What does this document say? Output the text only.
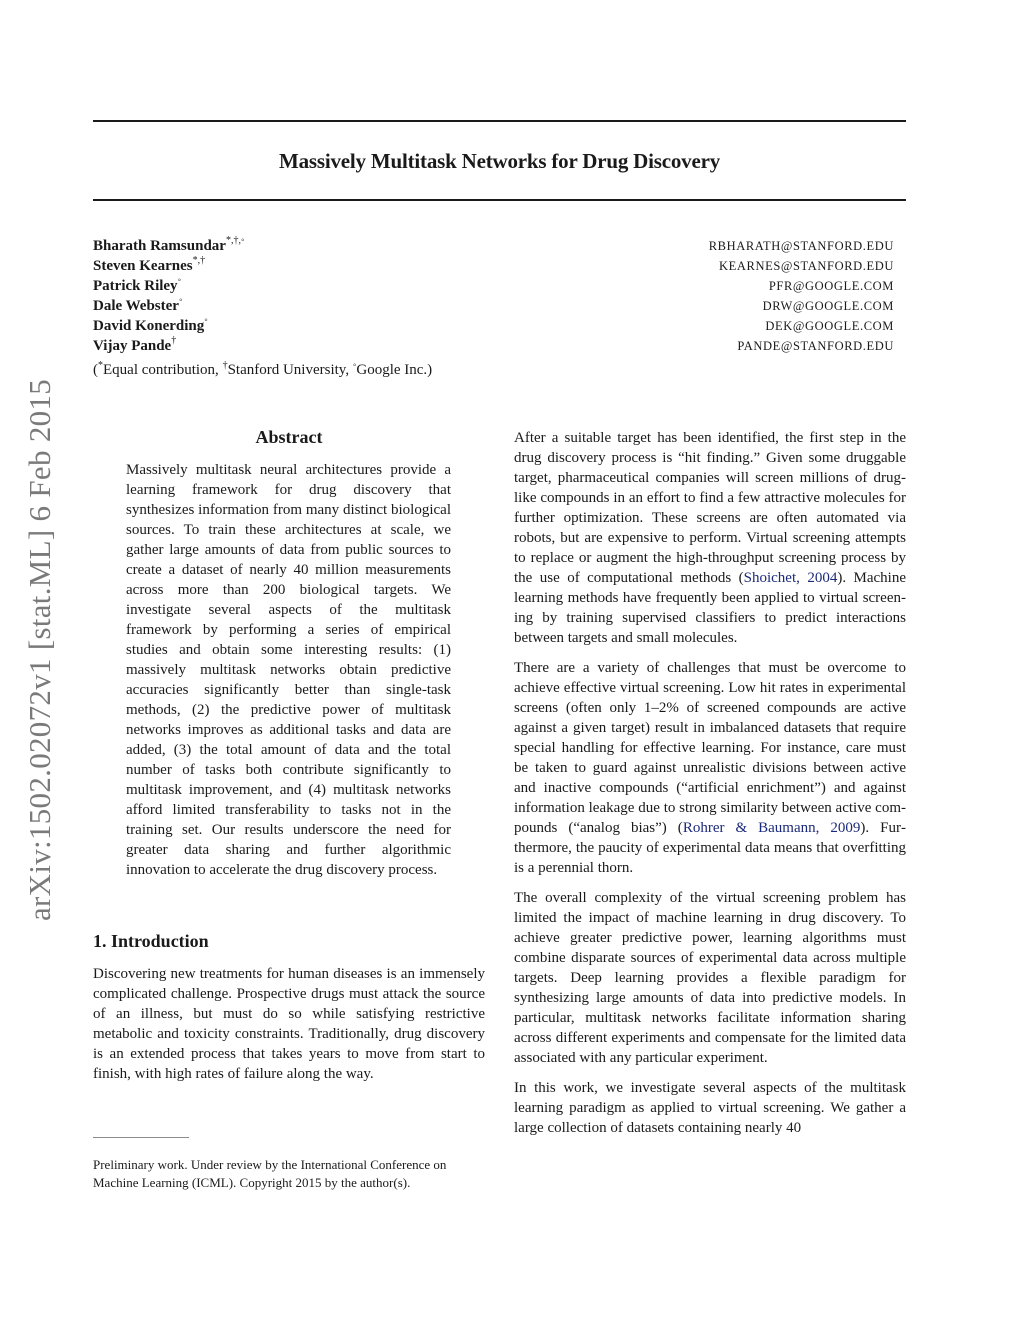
arXiv:1502.02072v1 [stat.ML] 6 Feb 2015
Massively Multitask Networks for Drug Discovery
Bharath Ramsundar*,†,◦
Steven Kearnes*,†
Patrick Riley◦
Dale Webster◦
David Konerding◦
Vijay Pande†
(*Equal contribution, †Stanford University, ◦Google Inc.)
RBHARATH@STANFORD.EDU
KEARNES@STANFORD.EDU
PFR@GOOGLE.COM
DRW@GOOGLE.COM
DEK@GOOGLE.COM
PANDE@STANFORD.EDU
Abstract
Massively multitask neural architectures provide a learning framework for drug discovery that synthesizes information from many distinct biological sources. To train these architectures at scale, we gather large amounts of data from public sources to create a dataset of nearly 40 million measurements across more than 200 biological targets. We investigate several aspects of the multitask framework by performing a series of empirical studies and obtain some interesting results: (1) massively multitask networks obtain predictive accuracies significantly better than single-task methods, (2) the predictive power of multitask networks improves as additional tasks and data are added, (3) the total amount of data and the total number of tasks both contribute significantly to multitask improvement, and (4) multitask networks afford limited transferability to tasks not in the training set. Our results underscore the need for greater data sharing and further algorithmic innovation to accelerate the drug discovery process.
1. Introduction
Discovering new treatments for human diseases is an immensely complicated challenge. Prospective drugs must attack the source of an illness, but must do so while satisfying restrictive metabolic and toxicity constraints. Traditionally, drug discovery is an extended process that takes years to move from start to finish, with high rates of failure along the way.

After a suitable target has been identified, the first step in the drug discovery process is “hit finding.” Given some druggable target, pharmaceutical companies will screen millions of drug-like compounds in an effort to find a few attractive molecules for further optimization. These screens are often automated via robots, but are expensive to perform. Virtual screening attempts to replace or augment the high-throughput screening process by the use of computational methods (Shoichet, 2004). Machine learning methods have frequently been applied to virtual screening by training supervised classifiers to predict interactions between targets and small molecules.

There are a variety of challenges that must be overcome to achieve effective virtual screening. Low hit rates in experimental screens (often only 1–2% of screened compounds are active against a given target) result in imbalanced datasets that require special handling for effective learning. For instance, care must be taken to guard against unrealistic divisions between active and inactive compounds (“artificial enrichment”) and against information leakage due to strong similarity between active compounds (“analog bias”) (Rohrer & Baumann, 2009). Furthermore, the paucity of experimental data means that overfitting is a perennial thorn.

The overall complexity of the virtual screening problem has limited the impact of machine learning in drug discovery. To achieve greater predictive power, learning algorithms must combine disparate sources of experimental data across multiple targets. Deep learning provides a flexible paradigm for synthesizing large amounts of data into predictive models. In particular, multitask networks facilitate information sharing across different experiments and compensate for the limited data associated with any particular experiment.

In this work, we investigate several aspects of the multitask learning paradigm as applied to virtual screening. We gather a large collection of datasets containing nearly 40

Preliminary work. Under review by the International Conference on Machine Learning (ICML). Copyright 2015 by the author(s).
